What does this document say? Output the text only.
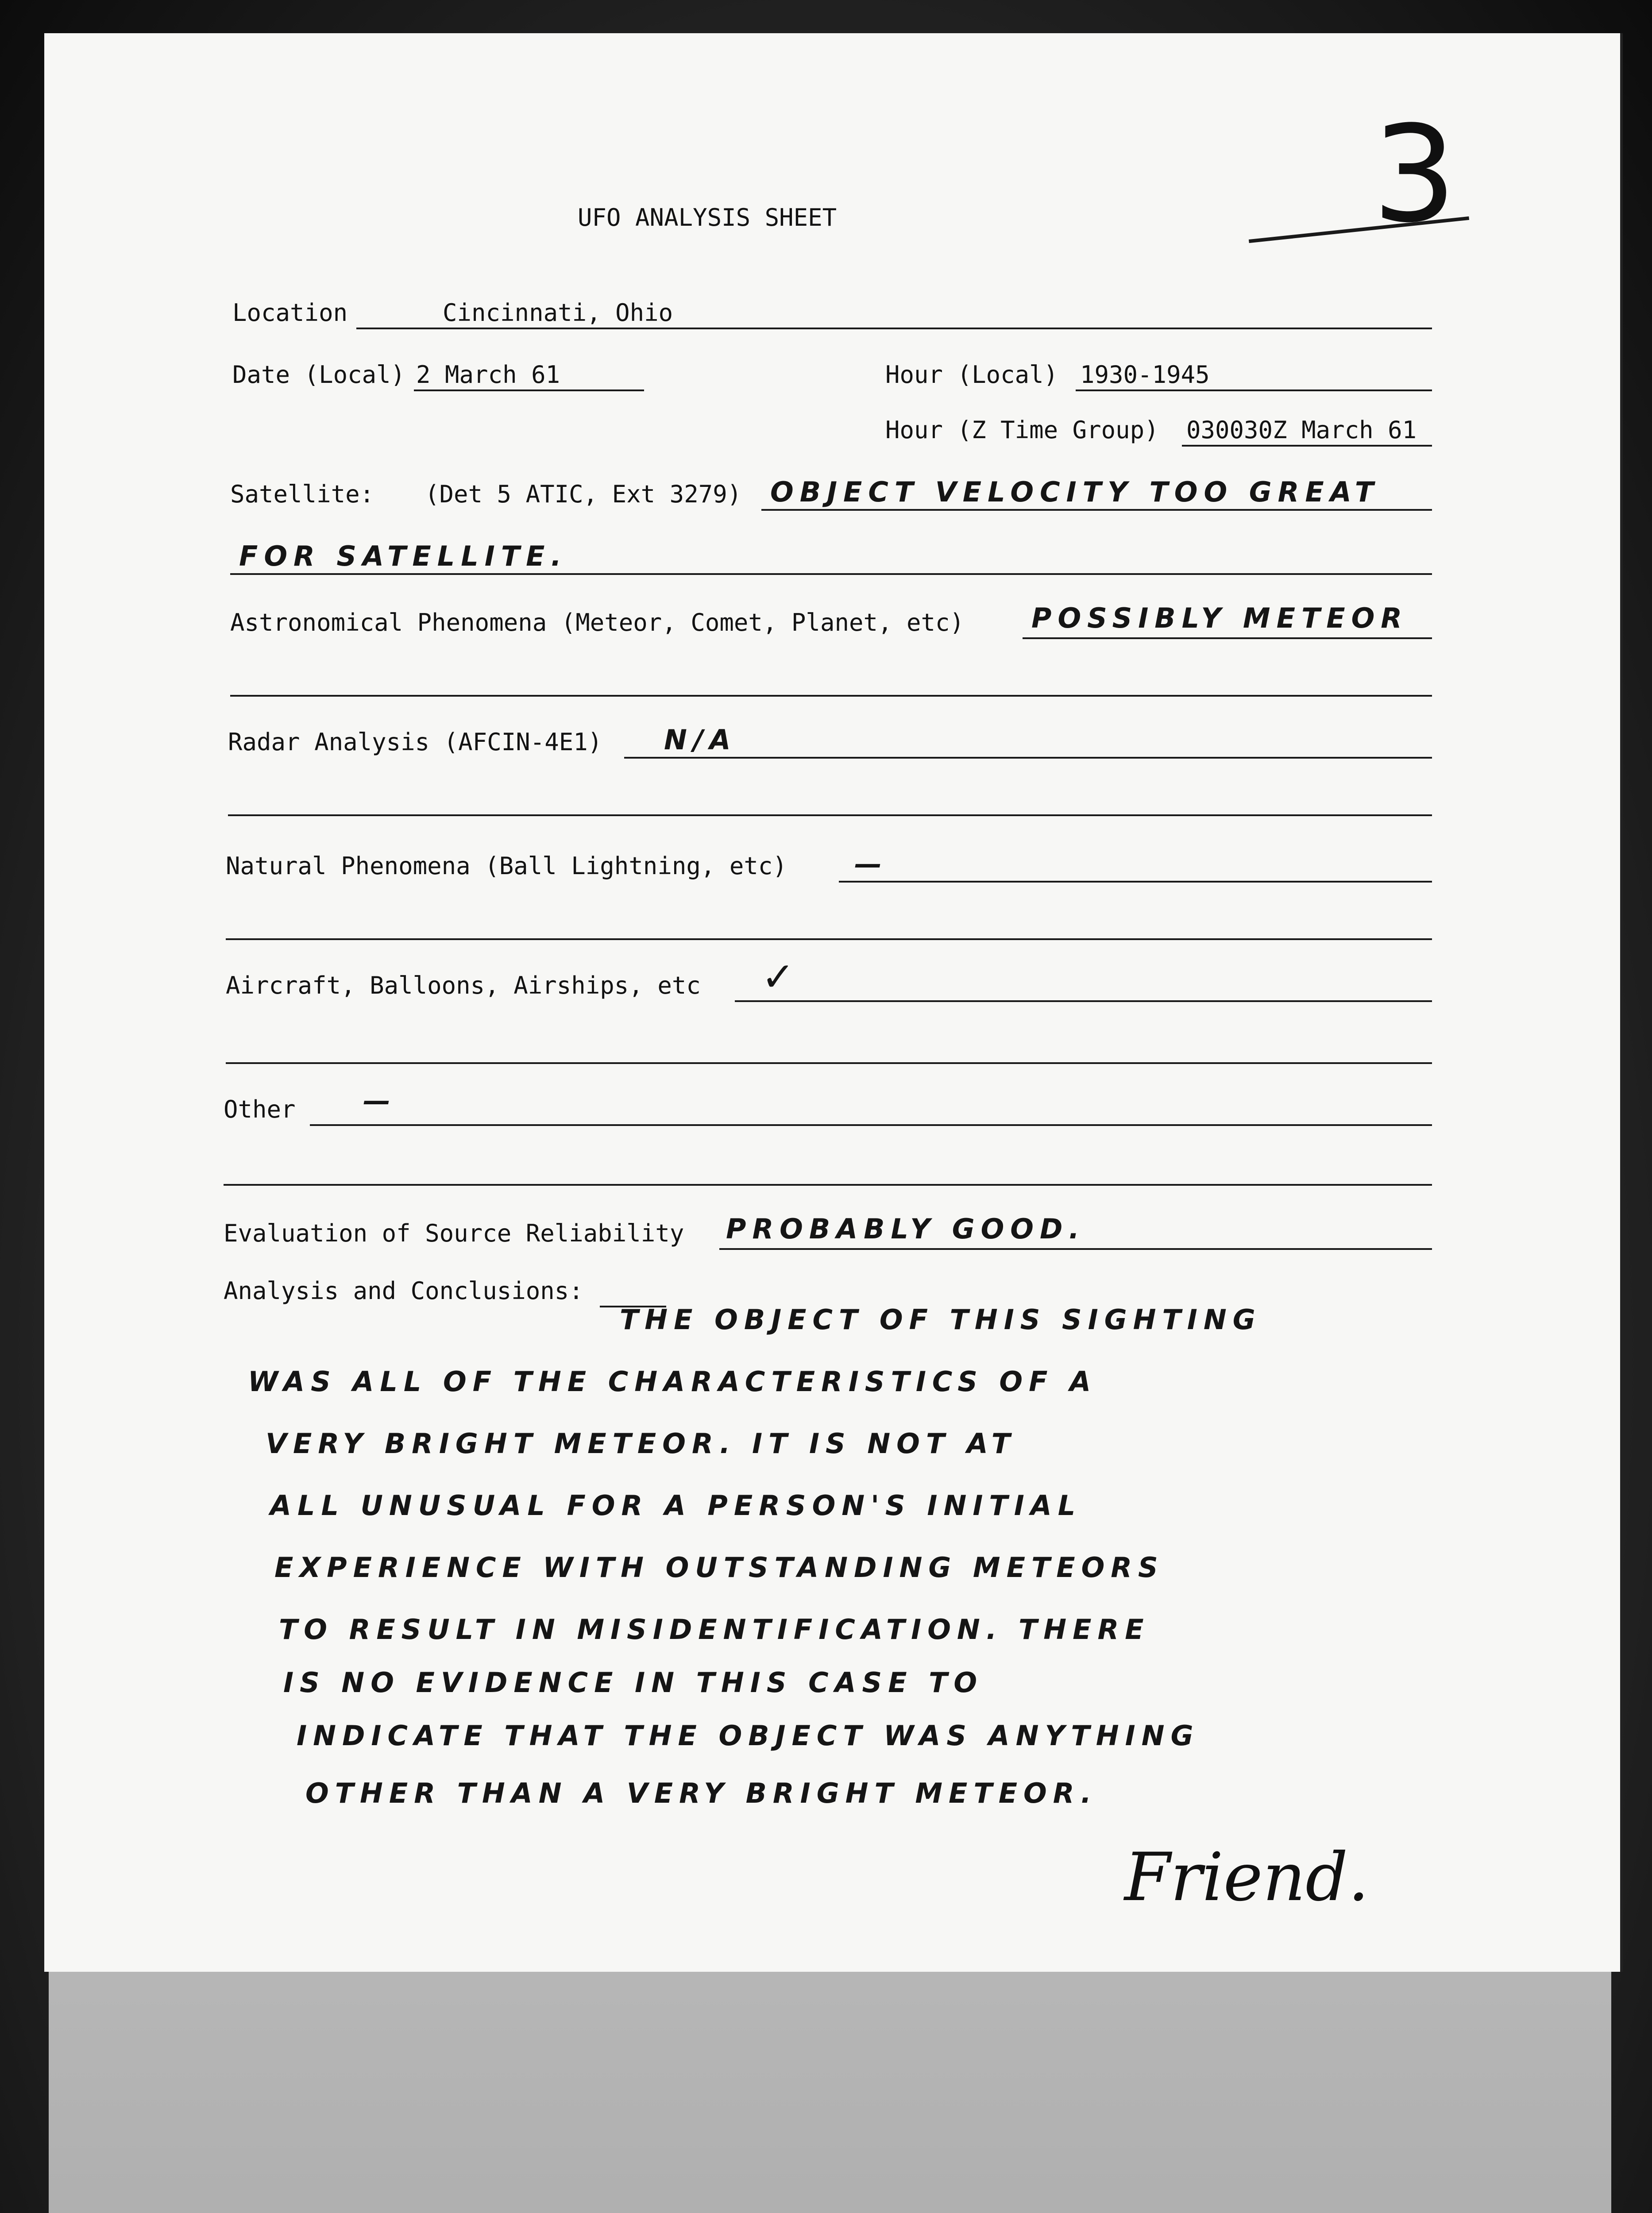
3
UFO ANALYSIS SHEET
Location	Cincinnati, Ohio
Date (Local) 2 March 61	Hour (Local) 1930-1945
Hour (Z Time Group) 030030Z March 61
Satellite: (Det 5 ATIC, Ext 3279) OBJECT VELOCITY TOO GREAT
FOR SATELLITE.
Astronomical Phenomena (Meteor, Comet, Planet, etc) POSSIBLY METEOR
Radar Analysis (AFCIN-4E1) N/A
Natural Phenomena (Ball Lightning, etc) —
Aircraft, Balloons, Airships, etc ✓
Other —
Evaluation of Source Reliability PROBABLY GOOD.
Analysis and Conclusions:
THE OBJECT OF THIS SIGHTING
WAS ALL OF THE CHARACTERISTICS OF A
VERY BRIGHT METEOR. IT IS NOT AT
ALL UNUSUAL FOR A PERSON'S INITIAL
EXPERIENCE WITH OUTSTANDING METEORS
TO RESULT IN MISIDENTIFICATION. THERE
IS NO EVIDENCE IN THIS CASE TO
INDICATE THAT THE OBJECT WAS ANYTHING
OTHER THAN A VERY BRIGHT METEOR.
Friend.
